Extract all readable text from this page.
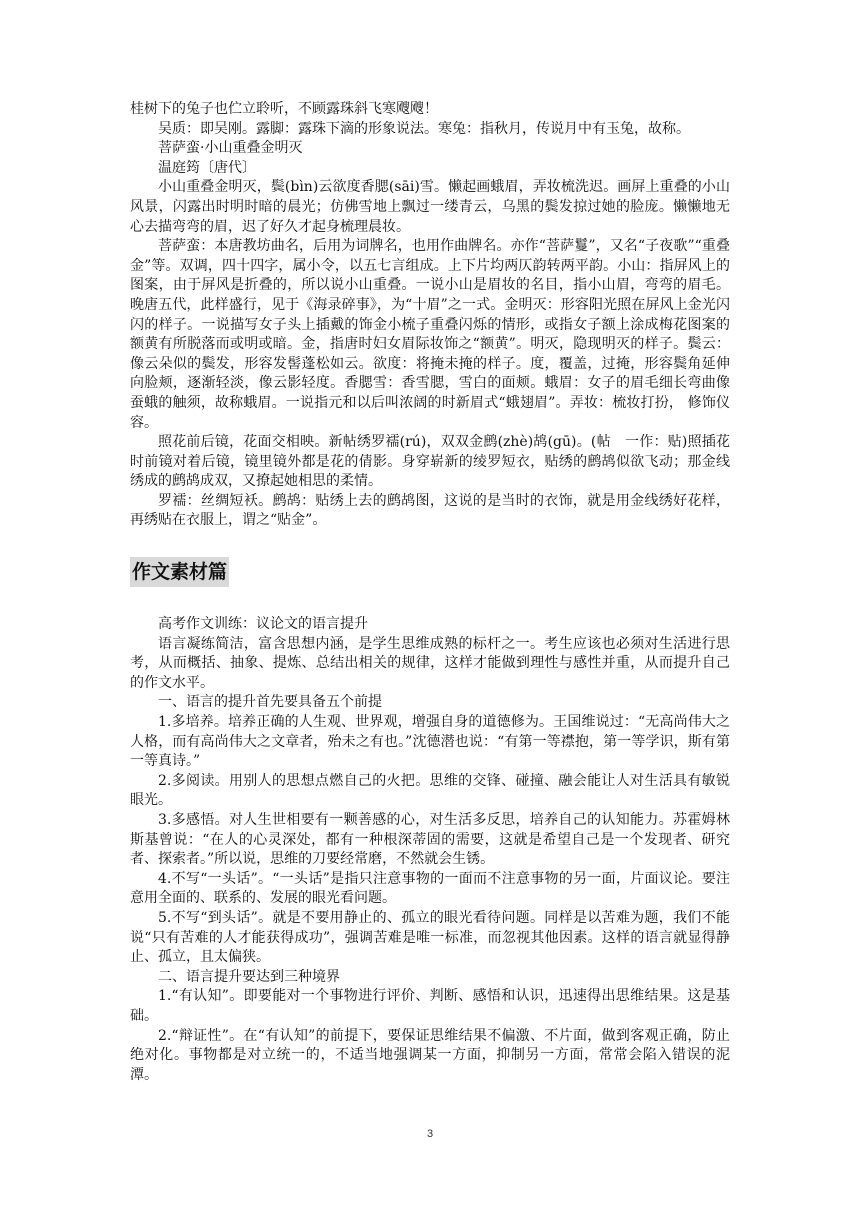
桂树下的兔子也伫立聆听，不顾露珠斜飞寒飕飕！

吴质：即吴刚。露脚：露珠下滴的形象说法。寒兔：指秋月，传说月中有玉兔，故称。

菩萨蛮·小山重叠金明灭

温庭筠〔唐代〕

小山重叠金明灭，鬓(bìn)云欲度香腮(sāi)雪。懒起画蛾眉，弄妆梳洗迟。画屏上重叠的小山风景，闪露出时明时暗的晨光；仿佛雪地上飘过一缕青云，乌黑的鬓发掠过她的脸庞。懒懒地无心去描弯弯的眉，迟了好久才起身梳理晨妆。

菩萨蛮：本唐教坊曲名，后用为词牌名，也用作曲牌名。亦作“菩萨鬘”，又名“子夜歌”“重叠金”等。双调，四十四字，属小令，以五七言组成。上下片均两仄韵转两平韵。小山：指屏风上的图案，由于屏风是折叠的，所以说小山重叠。一说小山是眉妆的名目，指小山眉，弯弯的眉毛。晚唐五代，此样盛行，见于《海录碎事》，为“十眉”之一式。金明灭：形容阳光照在屏风上金光闪闪的样子。一说描写女子头上插戴的饰金小梳子重叠闪烁的情形，或指女子额上涂成梅花图案的额黄有所脱落而或明或暗。金，指唐时妇女眉际妆饰之“额黄”。明灭，隐现明灭的样子。鬓云：像云朵似的鬓发，形容发髻蓬松如云。欲度：将掩未掩的样子。度，覆盖，过掩，形容鬓角延伸向脸颊，逐渐轻淡，像云影轻度。香腮雪：香雪腮，雪白的面颊。蛾眉：女子的眉毛细长弯曲像蚕蛾的触须，故称蛾眉。一说指元和以后叫浓阔的时新眉式“蛾翅眉”。弄妆：梳妆打扮， 修饰仪容。

照花前后镜，花面交相映。新帖绣罗襦(rú)，双双金鹧(zhè)鸪(gū)。(帖　一作：贴)照插花时前镜对着后镜，镜里镜外都是花的倩影。身穿崭新的绫罗短衣，贴绣的鹧鸪似欲飞动；那金线绣成的鹧鸪成双，又撩起她相思的柔情。

罗襦：丝绸短袄。鹧鸪：贴绣上去的鹧鸪图，这说的是当时的衣饰，就是用金线绣好花样，再绣贴在衣服上，谓之“贴金”。

作文素材篇

高考作文训练：议论文的语言提升

语言凝练简洁，富含思想内涵，是学生思维成熟的标杆之一。考生应该也必须对生活进行思考，从而概括、抽象、提炼、总结出相关的规律，这样才能做到理性与感性并重，从而提升自己的作文水平。

一、语言的提升首先要具备五个前提

1.多培养。培养正确的人生观、世界观，增强自身的道德修为。王国维说过：“无高尚伟大之人格，而有高尚伟大之文章者，殆未之有也。”沈德潜也说：“有第一等襟抱，第一等学识，斯有第一等真诗。”

2.多阅读。用别人的思想点燃自己的火把。思维的交锋、碰撞、融会能让人对生活具有敏锐眼光。

3.多感悟。对人生世相要有一颗善感的心，对生活多反思，培养自己的认知能力。苏霍姆林斯基曾说：“在人的心灵深处，都有一种根深蒂固的需要，这就是希望自己是一个发现者、研究者、探索者。”所以说，思维的刀要经常磨，不然就会生锈。

4.不写“一头话”。“一头话”是指只注意事物的一面而不注意事物的另一面，片面议论。要注意用全面的、联系的、发展的眼光看问题。

5.不写“到头话”。就是不要用静止的、孤立的眼光看待问题。同样是以苦难为题，我们不能说“只有苦难的人才能获得成功”，强调苦难是唯一标准，而忽视其他因素。这样的语言就显得静止、孤立，且太偏狭。

二、语言提升要达到三种境界

1.“有认知”。即要能对一个事物进行评价、判断、感悟和认识，迅速得出思维结果。这是基础。

2.“辩证性”。在“有认知”的前提下，要保证思维结果不偏激、不片面，做到客观正确，防止绝对化。事物都是对立统一的，不适当地强调某一方面，抑制另一方面，常常会陷入错误的泥潭。

3
